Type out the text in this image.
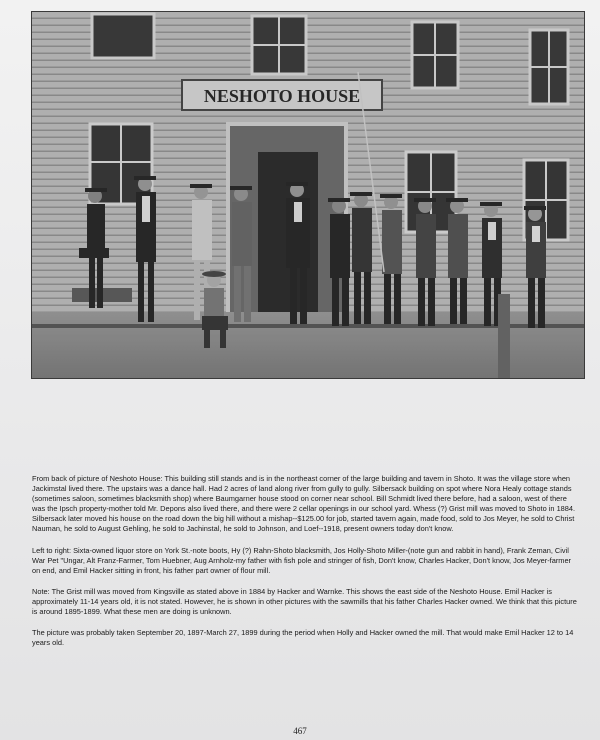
NESHOTO HOUSE

From back of picture of Neshoto House: This building still stands and is in the northeast corner of the large building and tavern in Shoto. It was the village store when Jackimstal lived there. The upstairs was a dance hall. Had 2 acres of land along river from gully to gully. Silbersack building on spot where Nora Healy cottage stands (sometimes saloon, sometimes blacksmith shop) where Baumgarner house stood on corner near school. Bill Schmidt lived there before, had a saloon, west of there was the Ipsch property-mother told Mr. Depons also lived there, and there were 2 cellar openings in our school yard. Whess (?) Grist mill was moved to Shoto in 1884. Silbersack later moved his house on the road down the big hill without a mishap--$125.00 for job, started tavern again, made food, sold to Jos Meyer, he sold to Christ Nauman, he sold to August Gehling, he sold to Jachinstal, he sold to Johnson, and Loef--1918, present owners today don't know.

Left to right: Sixta-owned liquor store on York St.-note boots, Hy (?) Rahn-Shoto blacksmith, Jos Holly-Shoto Miller-(note gun and rabbit in hand), Frank Zeman, Civil War Pet "Ungar, Alt Franz-Farmer, Tom Huebner, Aug Arnholz-my father with fish pole and stringer of fish, Don't know, Charles Hacker, Don't know, Jos Meyer-farmer on end, and Emil Hacker sitting in front, his father part owner of flour mill.

Note: The Grist mill was moved from Kingsville as stated above in 1884 by Hacker and Warnke. This shows the east side of the Neshoto House. Emil Hacker is approximately 11-14 years old, it is not stated. However, he is shown in other pictures with the sawmills that his father Charles Hacker owned. We think that this picture is around 1895-1899. What these men are doing is unknown.

The picture was probably taken September 20, 1897-March 27, 1899 during the period when Holly and Hacker owned the mill. That would make Emil Hacker 12 to 14 years old.

467
